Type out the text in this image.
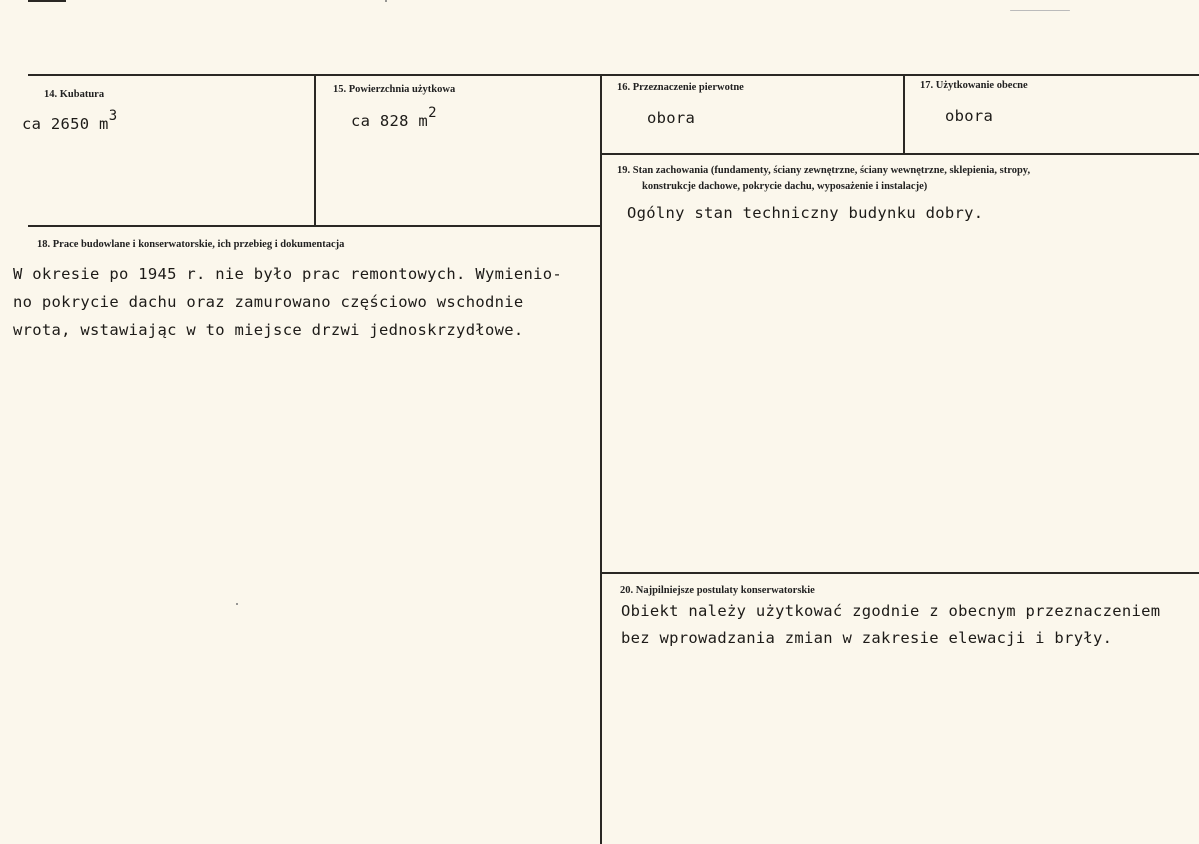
14. Kubatura
ca 2650 m3
15. Powierzchnia użytkowa
ca 828 m2
16. Przeznaczenie pierwotne
obora
17. Użytkowanie obecne
obora
19. Stan zachowania (fundamenty, ściany zewnętrzne, ściany wewnętrzne, sklepienia, stropy,
konstrukcje dachowe, pokrycie dachu, wyposażenie i instalacje)
Ogólny stan techniczny budynku dobry.
18. Prace budowlane i konserwatorskie, ich przebieg i dokumentacja
W okresie po 1945 r. nie było prac remontowych. Wymienio-
no pokrycie dachu oraz zamurowano częściowo wschodnie
wrota, wstawiając w to miejsce drzwi jednoskrzydłowe.
20. Najpilniejsze postulaty konserwatorskie
Obiekt należy użytkować zgodnie z obecnym przeznaczeniem
bez wprowadzania zmian w zakresie elewacji i bryły.
